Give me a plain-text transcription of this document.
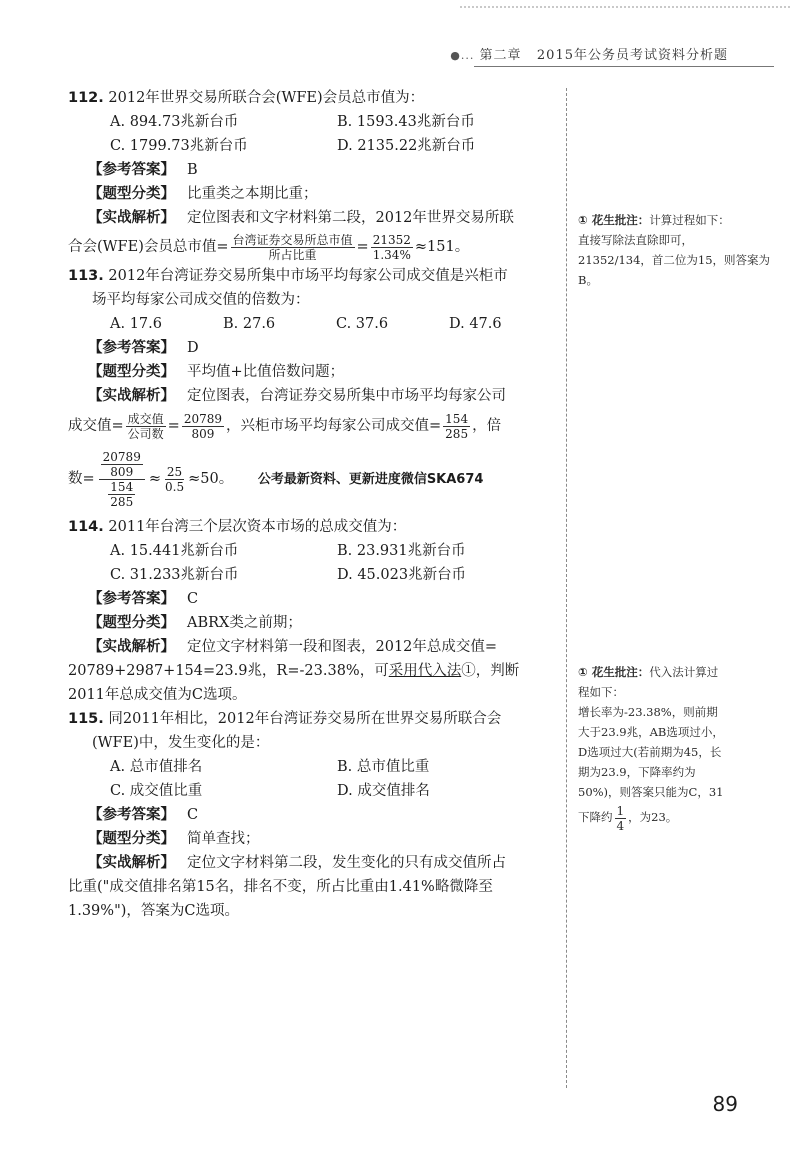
●... 第二章 2015年公务员考试资料分析题

112. 2012年世界交易所联合会(WFE)会员总市值为：

A. 894.73兆新台币	B. 1593.43兆新台币
C. 1799.73兆新台币	D. 2135.22兆新台币

【参考答案】 B

【题型分类】 比重类之本期比重；

【实战解析】 定位图表和文字材料第二段，2012年世界交易所联

合会(WFE)会员总市值= $\frac{\text{台湾证券交易所总市值}}{\text{所占比重}} = \frac{21352}{1.34\%} \approx 151$。

113. 2012年台湾证券交易所集中市场平均每家公司成交值是兴柜市

场平均每家公司成交值的倍数为：

A. 17.6	B. 27.6	C. 37.6	D. 47.6

【参考答案】 D

【题型分类】 平均值+比值倍数问题；

【实战解析】 定位图表，台湾证券交易所集中市场平均每家公司

成交值= $\frac{\text{成交值}}{\text{公司数}} = \frac{20789}{809}$ ，兴柜市场平均每家公司成交值= $\frac{154}{285}$ ，倍

数= $\frac{20789}{809}$
154
$285 \approx \frac{25}{0.5} \approx 50$。 公考最新资料、更新进度微信SKA674

114. 2011年台湾三个层次资本市场的总成交值为：

A. 15.441兆新台币	B. 23.931兆新台币
C. 31.233兆新台币	D. 45.023兆新台币

【参考答案】 C

【题型分类】 ABRX类之前期；

【实战解析】 定位文字材料第一段和图表，2012年总成交值=

20789+2987+154=23.9兆，R=-23.38%，可采用代入法①，判断

2011年总成交值为C选项。

115. 同2011年相比，2012年台湾证券交易所在世界交易所联合会

(WFE)中，发生变化的是：

A. 总市值排名	B. 总市值比重
C. 成交值比重	D. 成交值排名

【参考答案】 C

【题型分类】 简单查找；

【实战解析】 定位文字材料第二段，发生变化的只有成交值所占

比重("成交值排名第15名，排名不变，所占比重由1.41%略微降至

1.39%")，答案为C选项。

① 花生批注：计算过程如下：
直接写除法直除即可，
21352/134，首二位为15，则答案为
B。
① 花生批注：代入法计算过
程如下：
增长率为-23.38%，则前期
大于23.9兆，AB选项过小，
D选项过大(若前期为45，长
期为23.9，下降率约为
50%)，则答案只能为C，31
下降约 $\frac{1}{4}$ ，为23。
89
